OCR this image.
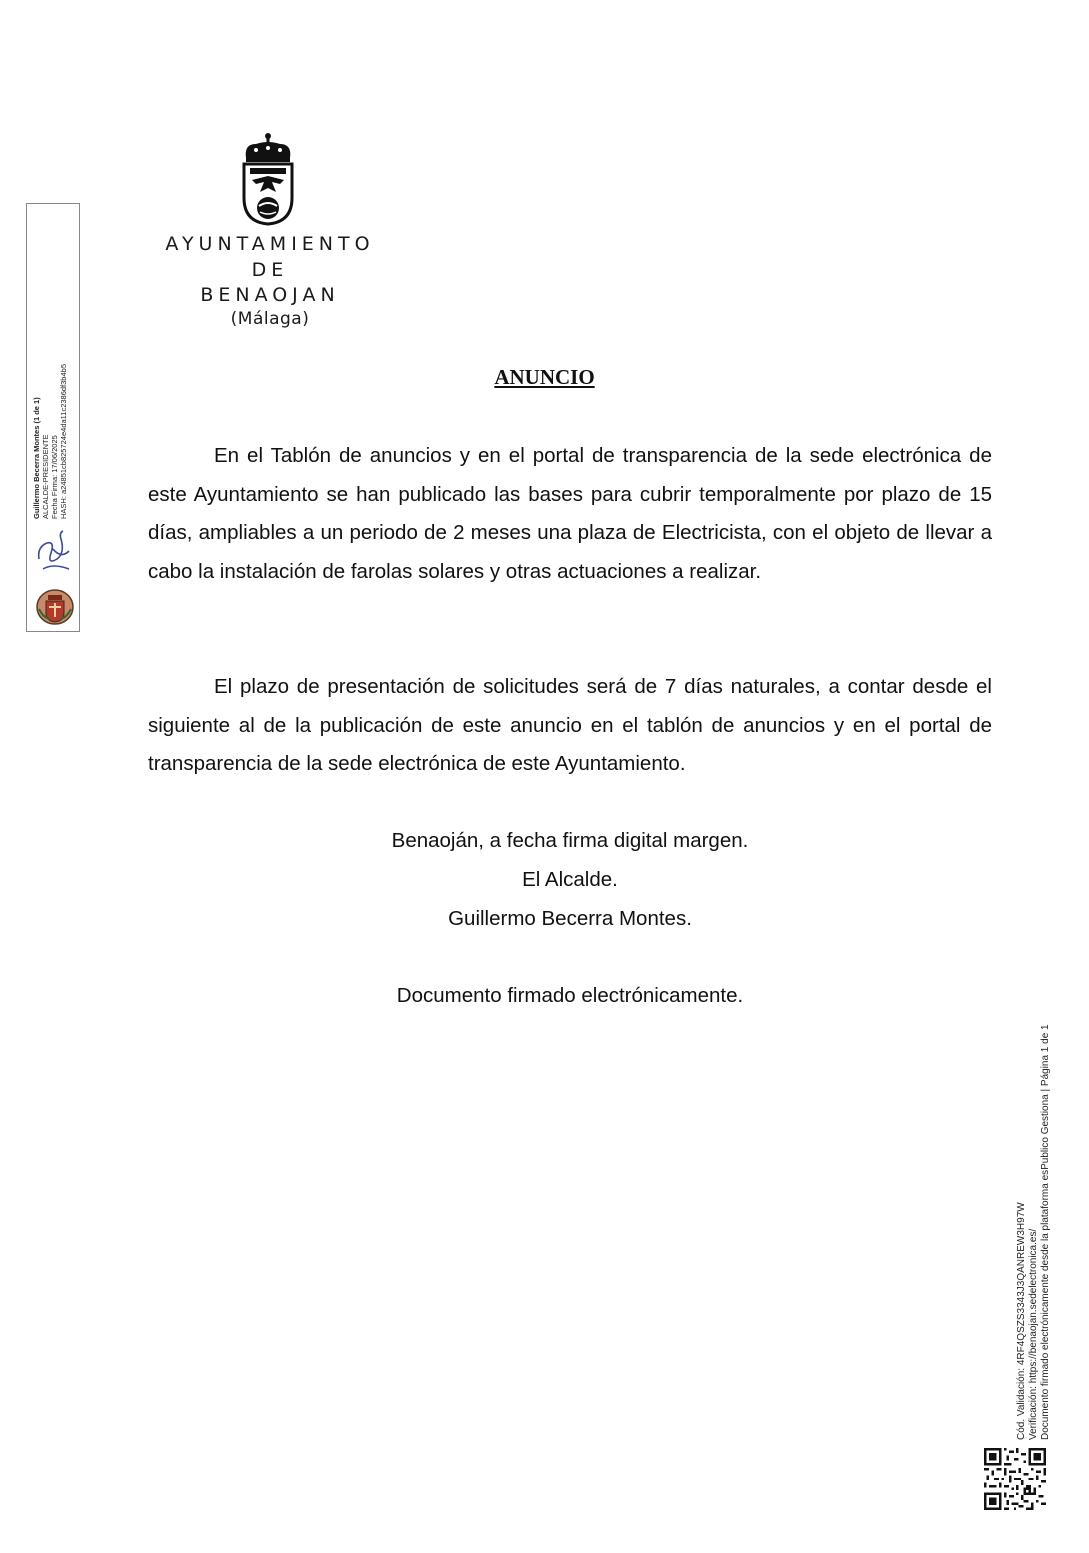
AYUNTAMIENTO
DE
BENAOJAN
(Málaga)
ANUNCIO

En el Tablón de anuncios y en el portal de transparencia de la sede electrónica de este Ayuntamiento se han publicado las bases para cubrir temporalmente por plazo de 15 días, ampliables a un periodo de 2 meses una plaza de Electricista, con el objeto de llevar a cabo la instalación de farolas solares y otras actuaciones a realizar.

El plazo de presentación de solicitudes será de 7 días naturales, a contar desde el siguiente al de la publicación de este anuncio en el tablón de anuncios y en el portal de transparencia de la sede electrónica de este Ayuntamiento.

Benaoján, a fecha firma digital margen.
El Alcalde.
Guillermo Becerra Montes.
Documento firmado electrónicamente.
Guillermo Becerra Montes (1 de 1) ALCALDE-PRESIDENTE Fecha Firma: 17/06/2025 HASH: a24851cb825724e4da11c2386df3b4b5
Cód. Validación: 4RF4QSZS3343J3QANREW3H97W Verificación: https://benaojan.sedelectronica.es/ Documento firmado electrónicamente desde la plataforma esPublico Gestiona | Página 1 de 1
